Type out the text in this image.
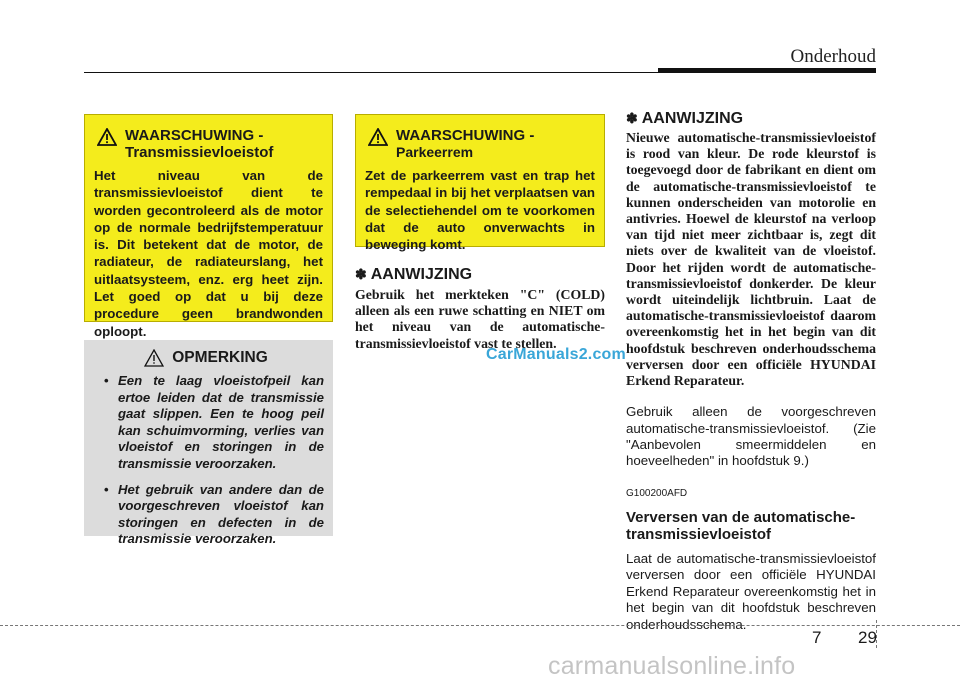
Onderhoud
WAARSCHUWING -
Transmissievloeistof
Het niveau van de transmissievloeistof dient te worden gecontroleerd als de motor op de normale bedrijfstemperatuur is. Dit betekent dat de motor, de radiateur, de radiateurslang, het uitlaatsysteem, enz. erg heet zijn. Let goed op dat u bij deze procedure geen brandwonden oploopt.
OPMERKING
• Een te laag vloeistofpeil kan ertoe leiden dat de transmissie gaat slippen. Een te hoog peil kan schuimvorming, verlies van vloeistof en storingen in de transmissie veroorzaken.
• Het gebruik van andere dan de voorgeschreven vloeistof kan storingen en defecten in de transmissie veroorzaken.
WAARSCHUWING -
Parkeerrem
Zet de parkeerrem vast en trap het rempedaal in bij het verplaatsen van de selectiehendel om te voorkomen dat de auto onverwachts in beweging komt.
✽ AANWIJZING
Gebruik het merkteken "C" (COLD) alleen als een ruwe schatting en NIET om het niveau van de automatische-transmissievloeistof vast te stellen.
CarManuals2.com
✽ AANWIJZING
Nieuwe automatische-transmissievloeistof is rood van kleur. De rode kleurstof is toegevoegd door de fabrikant en dient om de automatische-transmissievloeistof te kunnen onderscheiden van motorolie en antivries. Hoewel de kleurstof na verloop van tijd niet meer zichtbaar is, zegt dit niets over de kwaliteit van de vloeistof. Door het rijden wordt de automatische-transmissievloeistof donkerder. De kleur wordt uiteindelijk lichtbruin. Laat de automatische-transmissievloeistof daarom overeenkomstig het in het begin van dit hoofdstuk beschreven onderhoudsschema verversen door een officiële HYUNDAI Erkend Reparateur.
Gebruik alleen de voorgeschreven automatische-transmissievloeistof. (Zie "Aanbevolen smeermiddelen en hoeveelheden" in hoofdstuk 9.)
G100200AFD
Verversen van de automatische-transmissievloeistof
Laat de automatische-transmissievloeistof verversen door een officiële HYUNDAI Erkend Reparateur overeenkomstig het in het begin van dit hoofdstuk beschreven onderhoudsschema.
7 29
carmanualsonline.info
